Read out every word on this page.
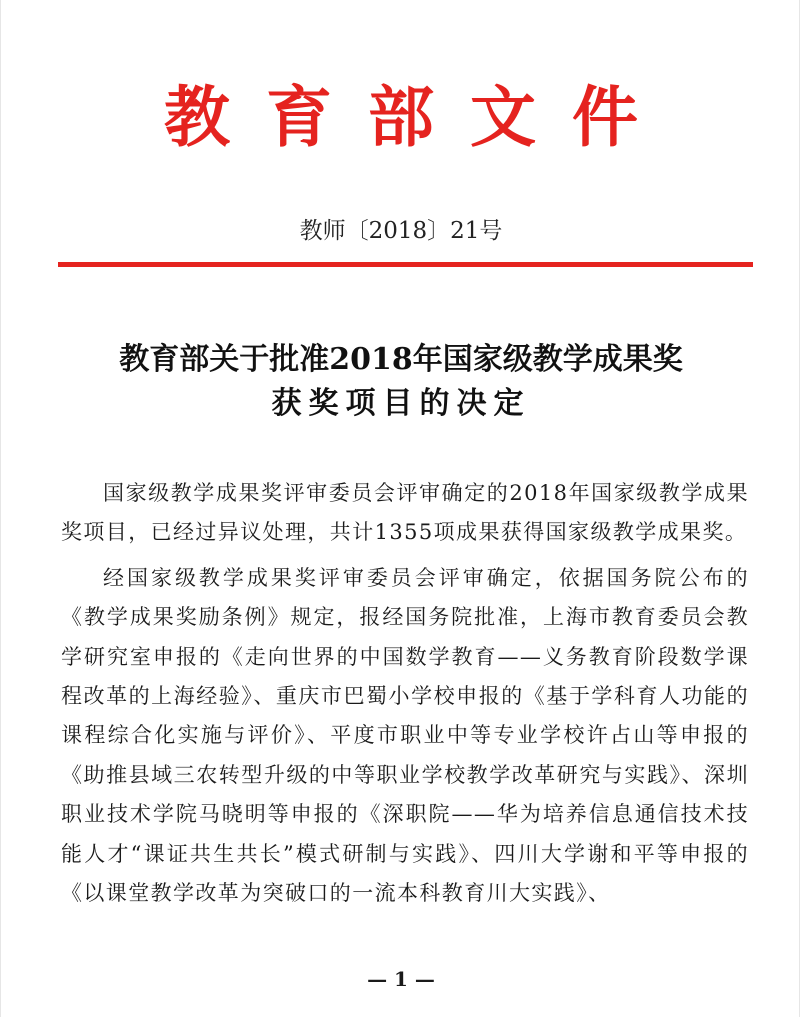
教育部文件
教师〔2018〕21号
教育部关于批准2018年国家级教学成果奖
获奖项目的决定

国家级教学成果奖评审委员会评审确定的2018年国家级教学成果奖项目，已经过异议处理，共计1355项成果获得国家级教学成果奖。

经国家级教学成果奖评审委员会评审确定，依据国务院公布的《教学成果奖励条例》规定，报经国务院批准，上海市教育委员会教学研究室申报的《走向世界的中国数学教育——义务教育阶段数学课程改革的上海经验》、重庆市巴蜀小学校申报的《基于学科育人功能的课程综合化实施与评价》、平度市职业中等专业学校许占山等申报的《助推县域三农转型升级的中等职业学校教学改革研究与实践》、深圳职业技术学院马晓明等申报的《深职院——华为培养信息通信技术技能人才“课证共生共长”模式研制与实践》、四川大学谢和平等申报的《以课堂教学改革为突破口的一流本科教育川大实践》、

— 1 —
